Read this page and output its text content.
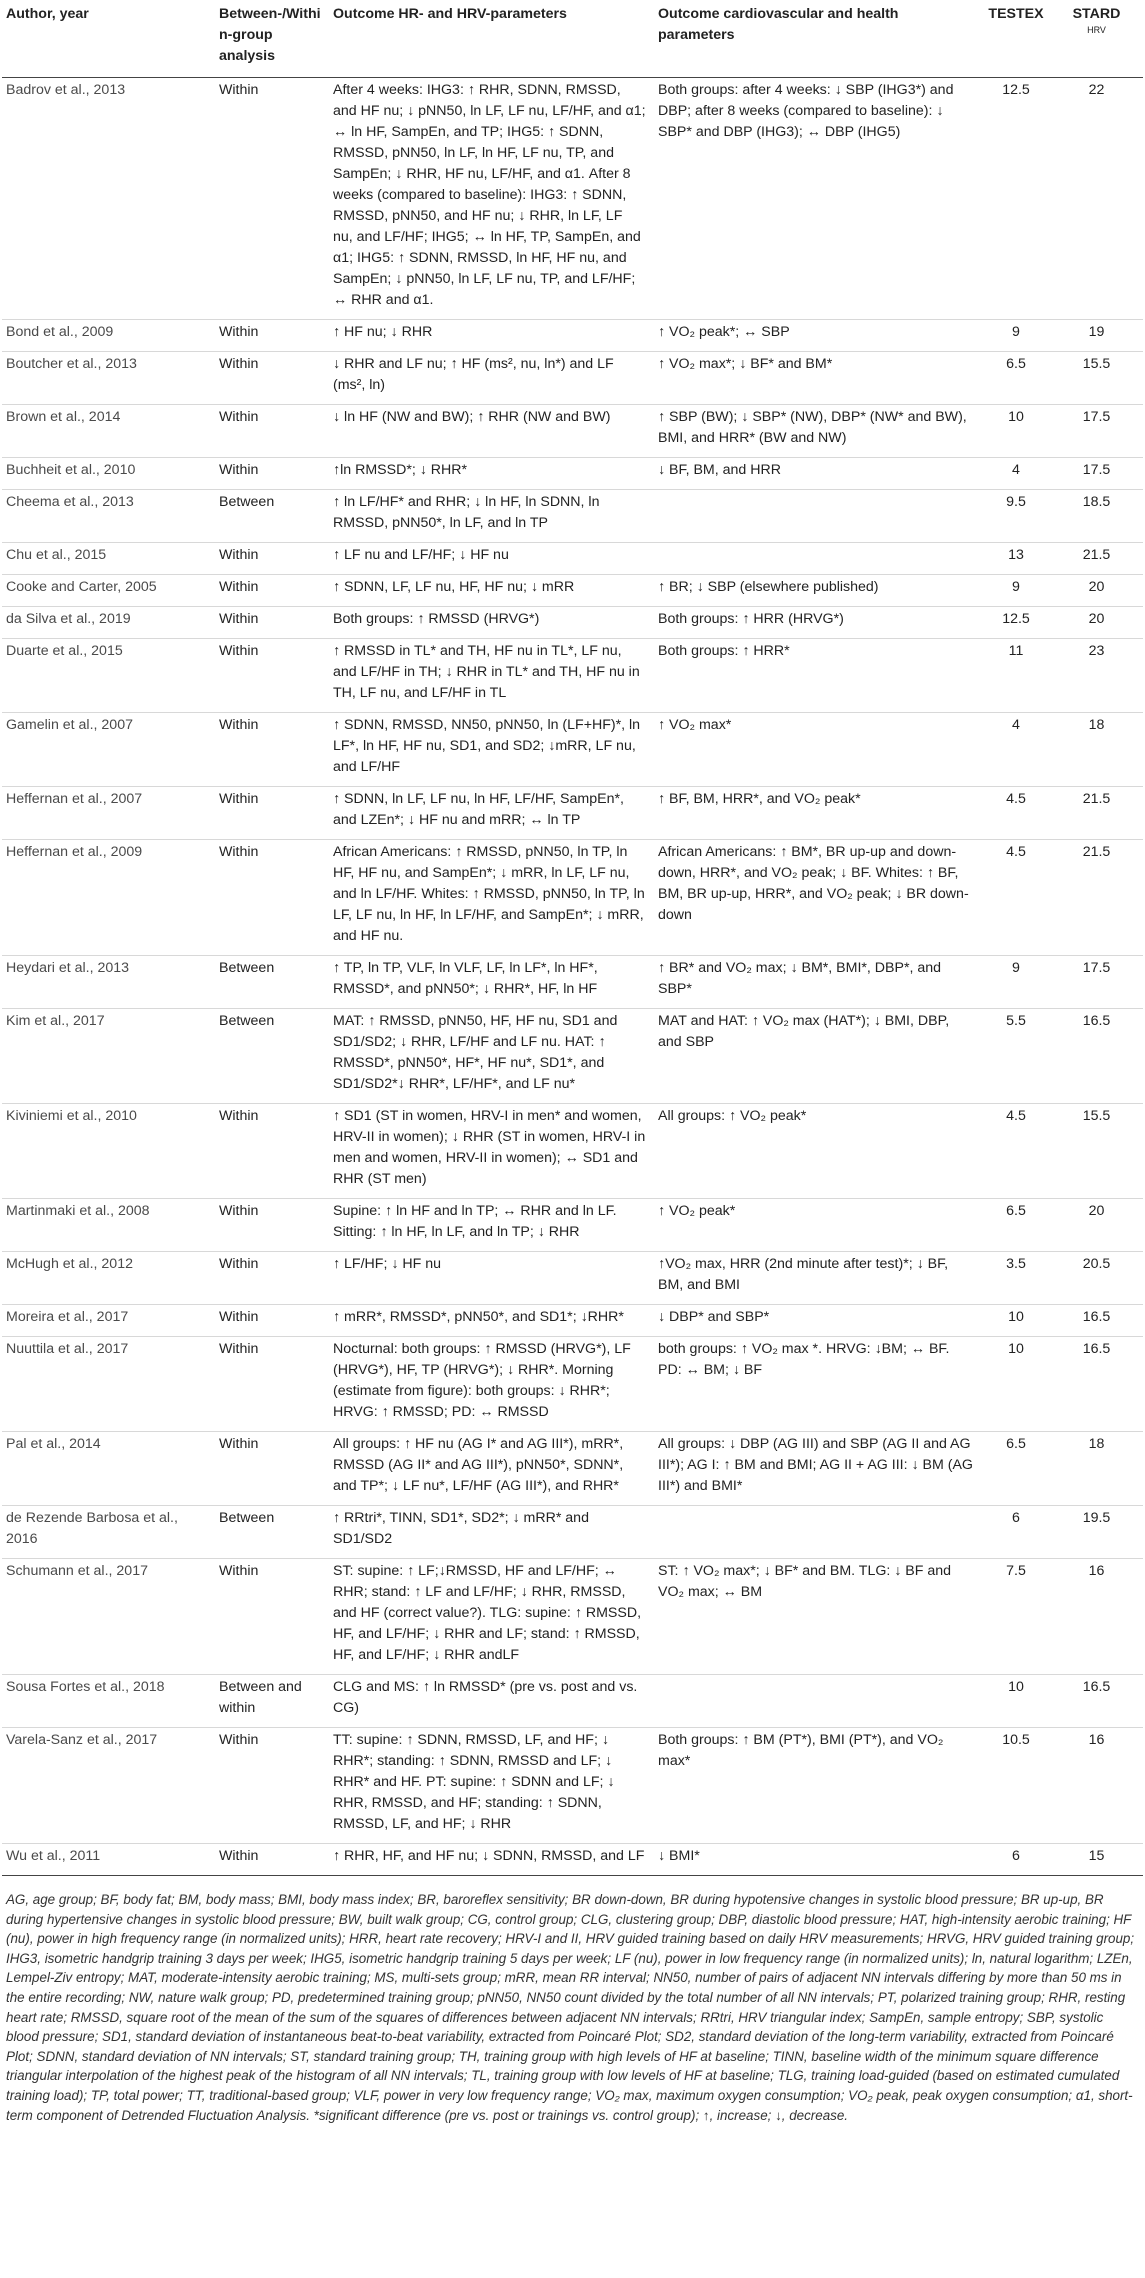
Author, year	Between-/Within-group analysis	Outcome HR- and HRV-parameters	Outcome cardiovascular and health parameters	TESTEX	STARD
HRV

Badrov et al., 2013	Within	After 4 weeks: IHG3: ↑ RHR, SDNN, RMSSD, and HF nu; ↓ pNN50, ln LF, LF nu, LF/HF, and α1; ↔ ln HF, SampEn, and TP; IHG5: ↑ SDNN, RMSSD, pNN50, ln LF, ln HF, LF nu, TP, and SampEn; ↓ RHR, HF nu, LF/HF, and α1. After 8 weeks (compared to baseline): IHG3: ↑ SDNN, RMSSD, pNN50, and HF nu; ↓ RHR, ln LF, LF nu, and LF/HF; IHG5; ↔ ln HF, TP, SampEn, and α1; IHG5: ↑ SDNN, RMSSD, ln HF, HF nu, and SampEn; ↓ pNN50, ln LF, LF nu, TP, and LF/HF; ↔ RHR and α1.	Both groups: after 4 weeks: ↓ SBP (IHG3*) and DBP; after 8 weeks (compared to baseline): ↓ SBP* and DBP (IHG3); ↔ DBP (IHG5)	12.5	22
Bond et al., 2009	Within	↑ HF nu; ↓ RHR	↑ VO₂ peak*; ↔ SBP	9	19
Boutcher et al., 2013	Within	↓ RHR and LF nu; ↑ HF (ms², nu, ln*) and LF (ms², ln)	↑ VO₂ max*; ↓ BF* and BM*	6.5	15.5
Brown et al., 2014	Within	↓ ln HF (NW and BW); ↑ RHR (NW and BW)	↑ SBP (BW); ↓ SBP* (NW), DBP* (NW* and BW), BMI, and HRR* (BW and NW)	10	17.5
Buchheit et al., 2010	Within	↑ln RMSSD*; ↓ RHR*	↓ BF, BM, and HRR	4	17.5
Cheema et al., 2013	Between	↑ ln LF/HF* and RHR; ↓ ln HF, ln SDNN, ln RMSSD, pNN50*, ln LF, and ln TP		9.5	18.5
Chu et al., 2015	Within	↑ LF nu and LF/HF; ↓ HF nu		13	21.5
Cooke and Carter, 2005	Within	↑ SDNN, LF, LF nu, HF, HF nu; ↓ mRR	↑ BR; ↓ SBP (elsewhere published)	9	20
da Silva et al., 2019	Within	Both groups: ↑ RMSSD (HRVG*)	Both groups: ↑ HRR (HRVG*)	12.5	20
Duarte et al., 2015	Within	↑ RMSSD in TL* and TH, HF nu in TL*, LF nu, and LF/HF in TH; ↓ RHR in TL* and TH, HF nu in TH, LF nu, and LF/HF in TL	Both groups: ↑ HRR*	11	23
Gamelin et al., 2007	Within	↑ SDNN, RMSSD, NN50, pNN50, ln (LF+HF)*, ln LF*, ln HF, HF nu, SD1, and SD2; ↓mRR, LF nu, and LF/HF	↑ VO₂ max*	4	18
Heffernan et al., 2007	Within	↑ SDNN, ln LF, LF nu, ln HF, LF/HF, SampEn*, and LZEn*; ↓ HF nu and mRR; ↔ ln TP	↑ BF, BM, HRR*, and VO₂ peak*	4.5	21.5
Heffernan et al., 2009	Within	African Americans: ↑ RMSSD, pNN50, ln TP, ln HF, HF nu, and SampEn*; ↓ mRR, ln LF, LF nu, and ln LF/HF. Whites: ↑ RMSSD, pNN50, ln TP, ln LF, LF nu, ln HF, ln LF/HF, and SampEn*; ↓ mRR, and HF nu.	African Americans: ↑ BM*, BR up-up and down-down, HRR*, and VO₂ peak; ↓ BF. Whites: ↑ BF, BM, BR up-up, HRR*, and VO₂ peak; ↓ BR down-down	4.5	21.5
Heydari et al., 2013	Between	↑ TP, ln TP, VLF, ln VLF, LF, ln LF*, ln HF*, RMSSD*, and pNN50*; ↓ RHR*, HF, ln HF	↑ BR* and VO₂ max; ↓ BM*, BMI*, DBP*, and SBP*	9	17.5
Kim et al., 2017	Between	MAT: ↑ RMSSD, pNN50, HF, HF nu, SD1 and SD1/SD2; ↓ RHR, LF/HF and LF nu. HAT: ↑ RMSSD*, pNN50*, HF*, HF nu*, SD1*, and SD1/SD2*↓ RHR*, LF/HF*, and LF nu*	MAT and HAT: ↑ VO₂ max (HAT*); ↓ BMI, DBP, and SBP	5.5	16.5
Kiviniemi et al., 2010	Within	↑ SD1 (ST in women, HRV-I in men* and women, HRV-II in women); ↓ RHR (ST in women, HRV-I in men and women, HRV-II in women); ↔ SD1 and RHR (ST men)	All groups: ↑ VO₂ peak*	4.5	15.5
Martinmaki et al., 2008	Within	Supine: ↑ ln HF and ln TP; ↔ RHR and ln LF. Sitting: ↑ ln HF, ln LF, and ln TP; ↓ RHR	↑ VO₂ peak*	6.5	20
McHugh et al., 2012	Within	↑ LF/HF; ↓ HF nu	↑VO₂ max, HRR (2nd minute after test)*; ↓ BF, BM, and BMI	3.5	20.5
Moreira et al., 2017	Within	↑ mRR*, RMSSD*, pNN50*, and SD1*; ↓RHR*	↓ DBP* and SBP*	10	16.5
Nuuttila et al., 2017	Within	Nocturnal: both groups: ↑ RMSSD (HRVG*), LF (HRVG*), HF, TP (HRVG*); ↓ RHR*. Morning (estimate from figure): both groups: ↓ RHR*; HRVG: ↑ RMSSD; PD: ↔ RMSSD	both groups: ↑ VO₂ max *. HRVG: ↓BM; ↔ BF. PD: ↔ BM; ↓ BF	10	16.5
Pal et al., 2014	Within	All groups: ↑ HF nu (AG I* and AG III*), mRR*, RMSSD (AG II* and AG III*), pNN50*, SDNN*, and TP*; ↓ LF nu*, LF/HF (AG III*), and RHR*	All groups: ↓ DBP (AG III) and SBP (AG II and AG III*); AG I: ↑ BM and BMI; AG II + AG III: ↓ BM (AG III*) and BMI*	6.5	18
de Rezende Barbosa et al., 2016	Between	↑ RRtri*, TINN, SD1*, SD2*; ↓ mRR* and SD1/SD2		6	19.5
Schumann et al., 2017	Within	ST: supine: ↑ LF;↓RMSSD, HF and LF/HF; ↔ RHR; stand: ↑ LF and LF/HF; ↓ RHR, RMSSD, and HF (correct value?). TLG: supine: ↑ RMSSD, HF, and LF/HF; ↓ RHR and LF; stand: ↑ RMSSD, HF, and LF/HF; ↓ RHR andLF	ST: ↑ VO₂ max*; ↓ BF* and BM. TLG: ↓ BF and VO₂ max; ↔ BM	7.5	16
Sousa Fortes et al., 2018	Between and within	CLG and MS: ↑ ln RMSSD* (pre vs. post and vs. CG)		10	16.5
Varela-Sanz et al., 2017	Within	TT: supine: ↑ SDNN, RMSSD, LF, and HF; ↓ RHR*; standing: ↑ SDNN, RMSSD and LF; ↓ RHR* and HF. PT: supine: ↑ SDNN and LF; ↓ RHR, RMSSD, and HF; standing: ↑ SDNN, RMSSD, LF, and HF; ↓ RHR	Both groups: ↑ BM (PT*), BMI (PT*), and VO₂ max*	10.5	16
Wu et al., 2011	Within	↑ RHR, HF, and HF nu; ↓ SDNN, RMSSD, and LF	↓ BMI*	6	15
AG, age group; BF, body fat; BM, body mass; BMI, body mass index; BR, baroreflex sensitivity; BR down-down, BR during hypotensive changes in systolic blood pressure; BR up-up, BR during hypertensive changes in systolic blood pressure; BW, built walk group; CG, control group; CLG, clustering group; DBP, diastolic blood pressure; HAT, high-intensity aerobic training; HF (nu), power in high frequency range (in normalized units); HRR, heart rate recovery; HRV-I and II, HRV guided training based on daily HRV measurements; HRVG, HRV guided training group; IHG3, isometric handgrip training 3 days per week; IHG5, isometric handgrip training 5 days per week; LF (nu), power in low frequency range (in normalized units); ln, natural logarithm; LZEn, Lempel-Ziv entropy; MAT, moderate-intensity aerobic training; MS, multi-sets group; mRR, mean RR interval; NN50, number of pairs of adjacent NN intervals differing by more than 50 ms in the entire recording; NW, nature walk group; PD, predetermined training group; pNN50, NN50 count divided by the total number of all NN intervals; PT, polarized training group; RHR, resting heart rate; RMSSD, square root of the mean of the sum of the squares of differences between adjacent NN intervals; RRtri, HRV triangular index; SampEn, sample entropy; SBP, systolic blood pressure; SD1, standard deviation of instantaneous beat-to-beat variability, extracted from Poincaré Plot; SD2, standard deviation of the long-term variability, extracted from Poincaré Plot; SDNN, standard deviation of NN intervals; ST, standard training group; TH, training group with high levels of HF at baseline; TINN, baseline width of the minimum square difference triangular interpolation of the highest peak of the histogram of all NN intervals; TL, training group with low levels of HF at baseline; TLG, training load-guided (based on estimated cumulated training load); TP, total power; TT, traditional-based group; VLF, power in very low frequency range; VO₂ max, maximum oxygen consumption; VO₂ peak, peak oxygen consumption; α1, short-term component of Detrended Fluctuation Analysis. *significant difference (pre vs. post or trainings vs. control group); ↑, increase; ↓, decrease.
